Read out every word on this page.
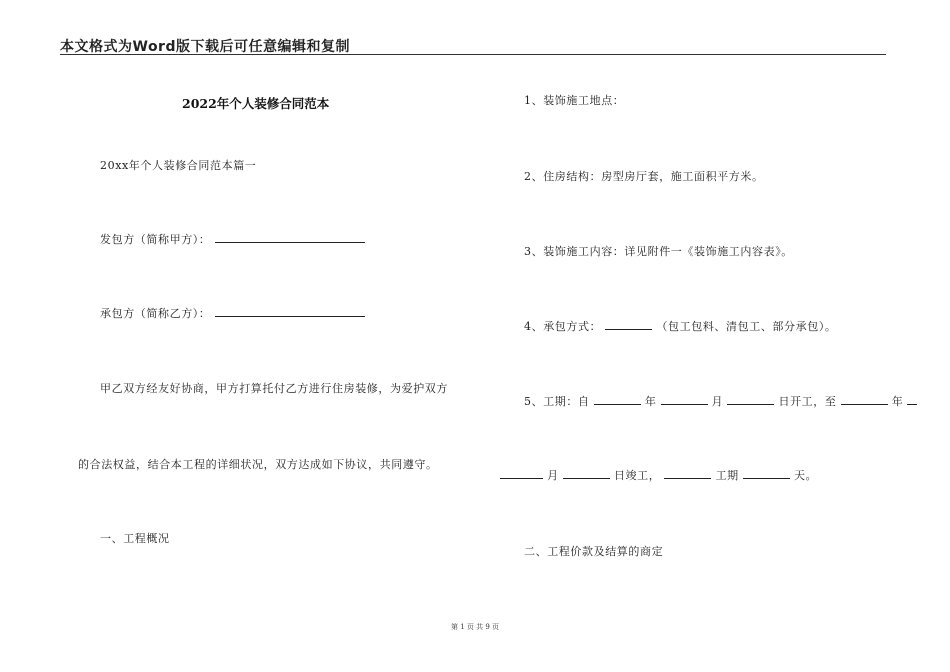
本文格式为Word版下载后可任意编辑和复制
2022年个人装修合同范本
20xx年个人装修合同范本篇一
发包方（简称甲方）：
承包方（简称乙方）：
甲乙双方经友好协商，甲方打算托付乙方进行住房装修，为爱护双方
的合法权益，结合本工程的详细状况，双方达成如下协议，共同遵守。
一、工程概况
1、装饰施工地点：
2、住房结构：房型房厅套，施工面积平方米。
3、装饰施工内容：详见附件一《装饰施工内容表》。
4、承包方式：	（包工包料、清包工、部分承包）。
5、工期：自	年	月	日开工，至	年
月	日竣工，	工期	天。
二、工程价款及结算的商定
第 1 页 共 9 页
